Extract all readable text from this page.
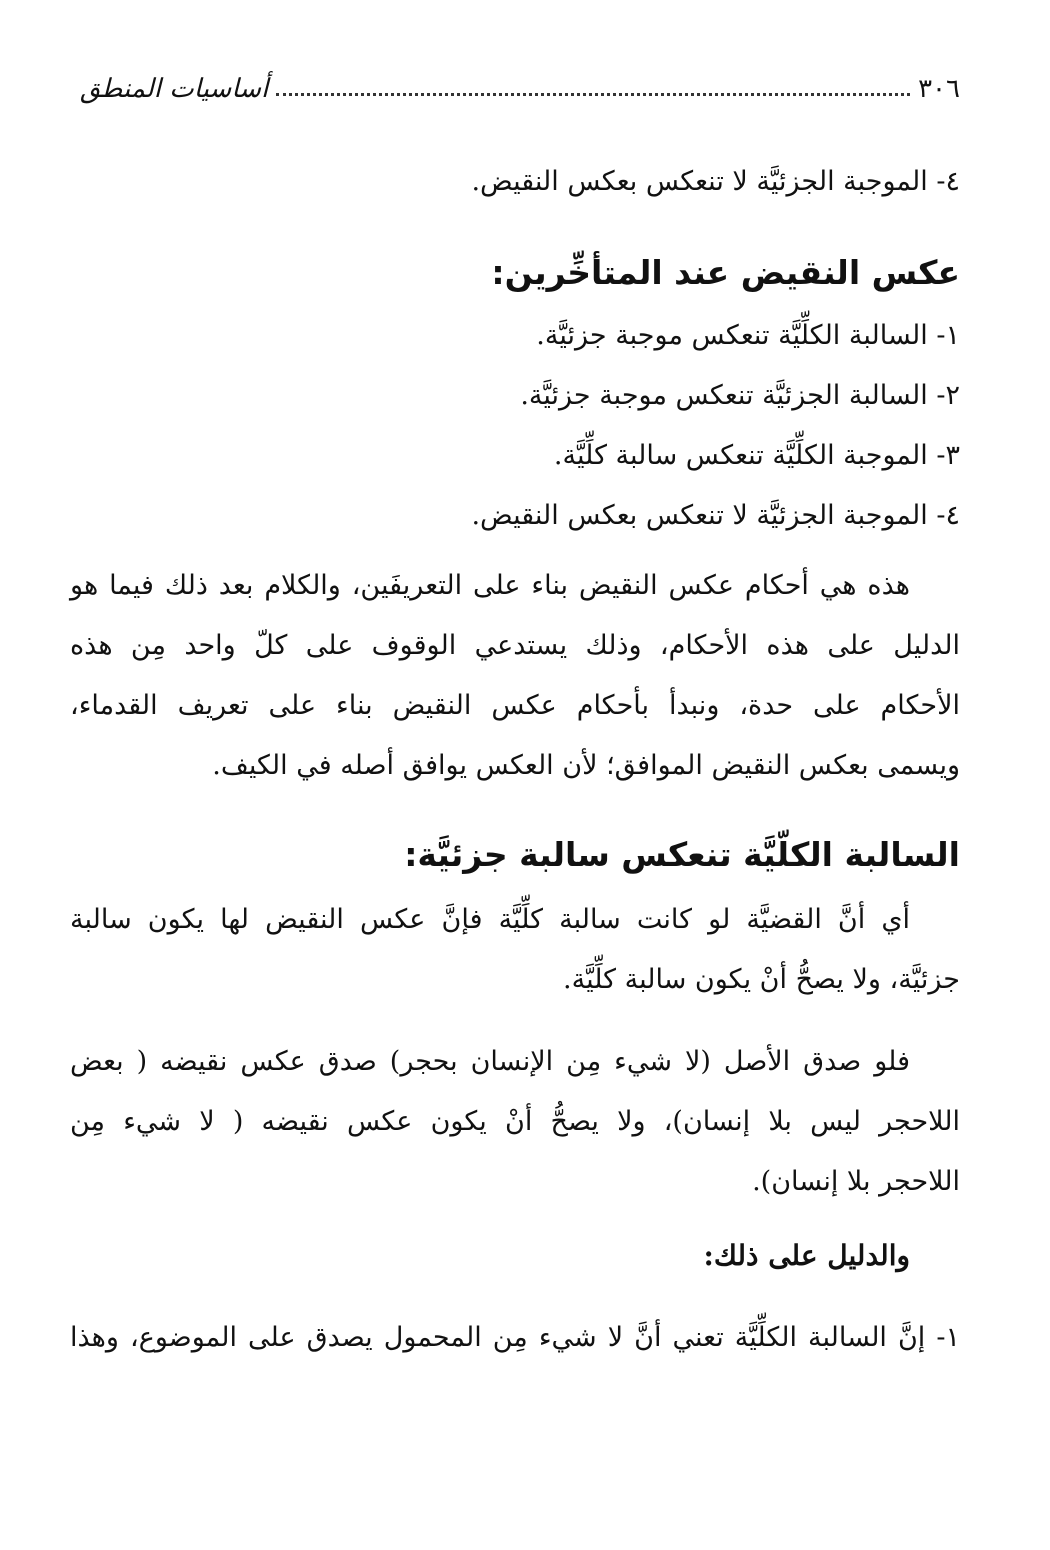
٣٠٦
أساسيات المنطق

٤- الموجبة الجزئيَّة لا تنعكس بعكس النقيض.

عكس النقيض عند المتأخِّرين:

١- السالبة الكلِّيَّة تنعكس موجبة جزئيَّة.

٢- السالبة الجزئيَّة تنعكس موجبة جزئيَّة.

٣- الموجبة الكلِّيَّة تنعكس سالبة كلِّيَّة.

٤- الموجبة الجزئيَّة لا تنعكس بعكس النقيض.

هذه هي أحكام عكس النقيض بناء على التعريفَين، والكلام بعد ذلك فيما هو
الدليل على هذه الأحكام، وذلك يستدعي الوقوف على كلّ واحد مِن هذه
الأحكام على حدة، ونبدأ بأحكام عكس النقيض بناء على تعريف القدماء،
ويسمى بعكس النقيض الموافق؛ لأن العكس يوافق أصله في الكيف.
السالبة الكلّيَّة تنعكس سالبة جزئيَّة:
أي أنَّ القضيَّة لو كانت سالبة كلِّيَّة فإنَّ عكس النقيض لها يكون سالبة
جزئيَّة، ولا يصحُّ أنْ يكون سالبة كلِّيَّة.
فلو صدق الأصل (لا شيء مِن الإنسان بحجر) صدق عكس نقيضه ( بعض
اللاحجر ليس بلا إنسان)، ولا يصحُّ أنْ يكون عكس نقيضه ( لا شيء مِن
اللاحجر بلا إنسان).

والدليل على ذلك:

١- إنَّ السالبة الكلِّيَّة تعني أنَّ لا شيء مِن المحمول يصدق على الموضوع، وهذا
